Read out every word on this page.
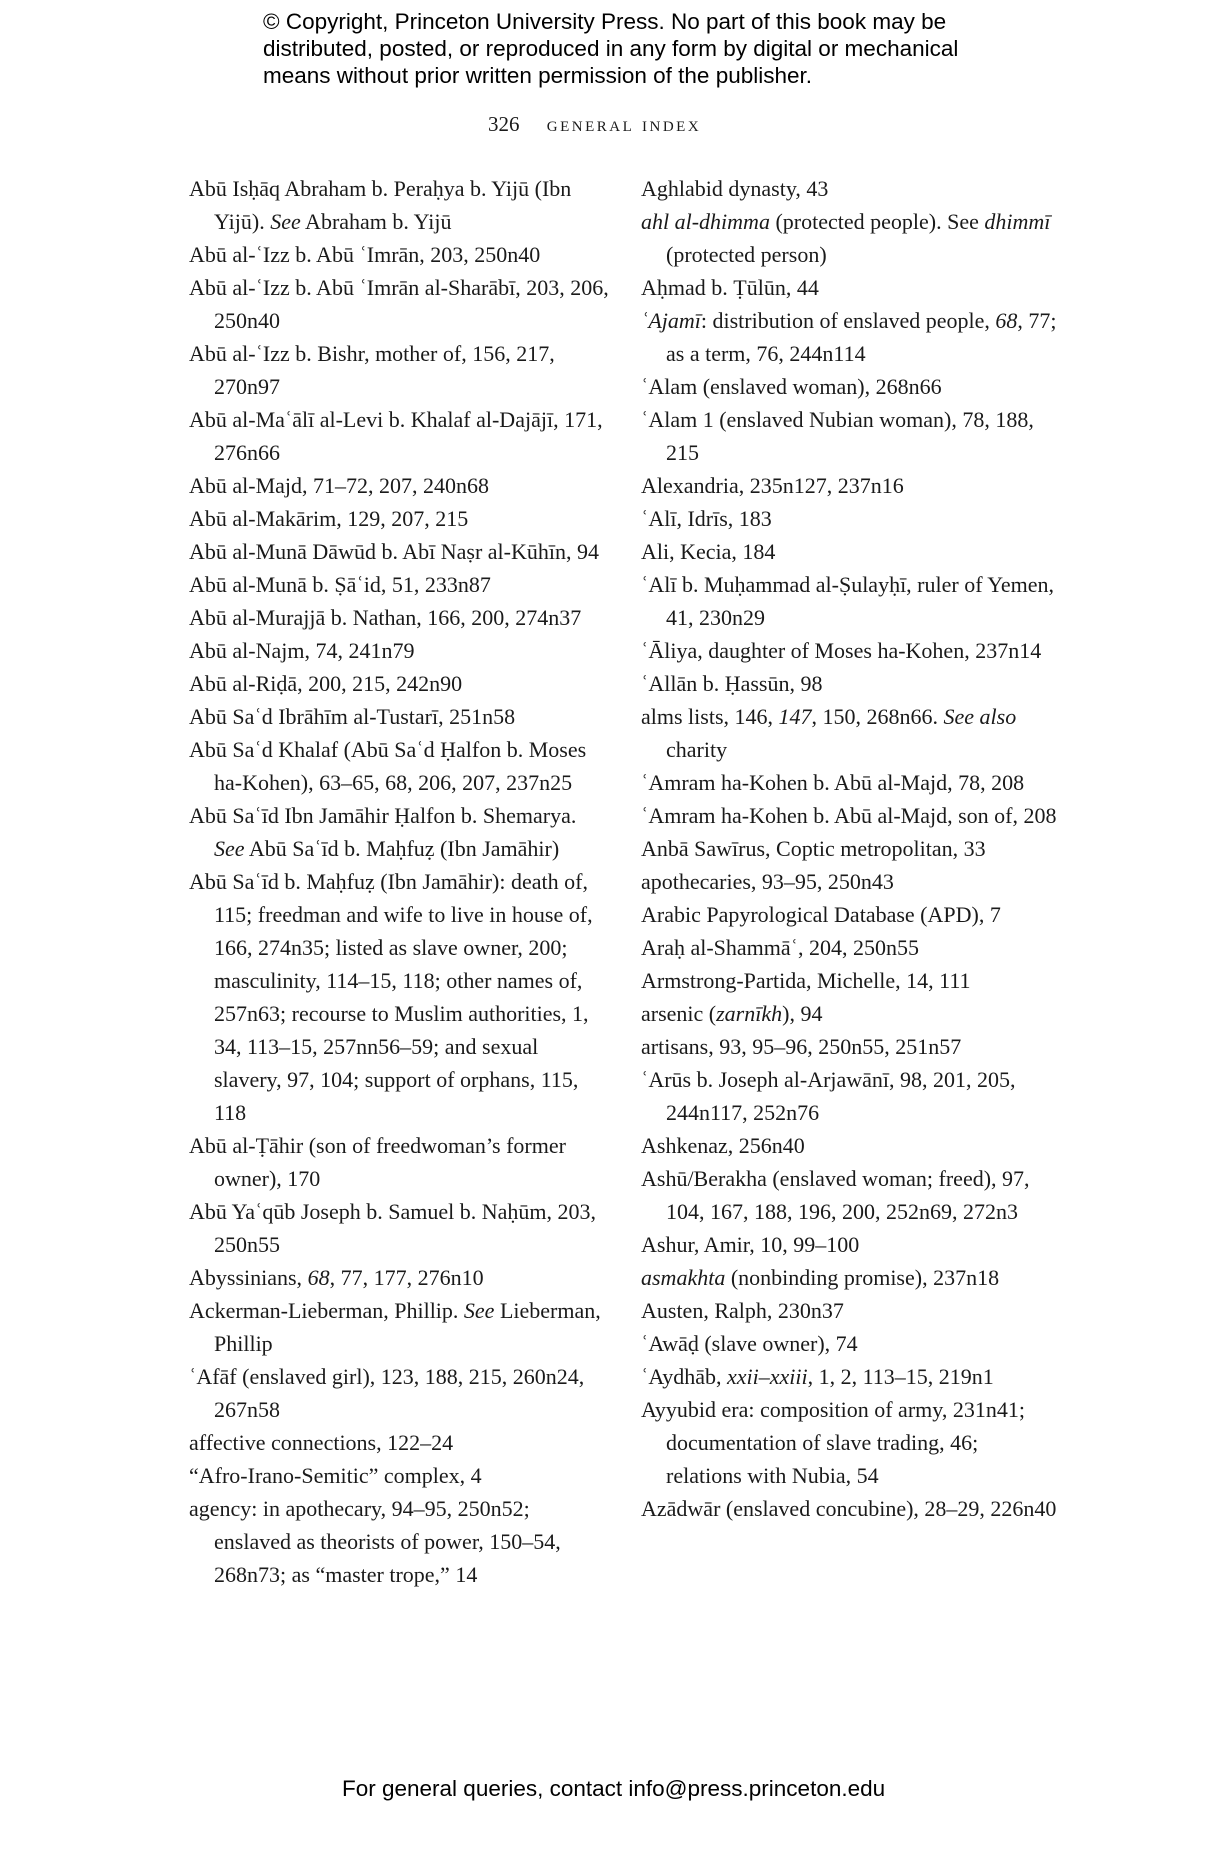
© Copyright, Princeton University Press. No part of this book may be
distributed, posted, or reproduced in any form by digital or mechanical
means without prior written permission of the publisher.
326 general index
Abū Isḥāq Abraham b. Peraḥya b. Yijū (Ibn Yijū). See Abraham b. Yijū
Abū al-ʿIzz b. Abū ʿImrān, 203, 250n40
Abū al-ʿIzz b. Abū ʿImrān al-Sharābī, 203, 206, 250n40
Abū al-ʿIzz b. Bishr, mother of, 156, 217, 270n97
Abū al-Maʿālī al-Levi b. Khalaf al-Dajājī, 171, 276n66
Abū al-Majd, 71–72, 207, 240n68
Abū al-Makārim, 129, 207, 215
Abū al-Munā Dāwūd b. Abī Naṣr al-Kūhīn, 94
Abū al-Munā b. Ṣāʿid, 51, 233n87
Abū al-Murajjā b. Nathan, 166, 200, 274n37
Abū al-Najm, 74, 241n79
Abū al-Riḍā, 200, 215, 242n90
Abū Saʿd Ibrāhīm al-Tustarī, 251n58
Abū Saʿd Khalaf (Abū Saʿd Ḥalfon b. Moses ha-Kohen), 63–65, 68, 206, 207, 237n25
Abū Saʿīd Ibn Jamāhir Ḥalfon b. Shemarya. See Abū Saʿīd b. Maḥfuẓ (Ibn Jamāhir)
Abū Saʿīd b. Maḥfuẓ (Ibn Jamāhir): death of, 115; freedman and wife to live in house of, 166, 274n35; listed as slave owner, 200; masculinity, 114–15, 118; other names of, 257n63; recourse to Muslim authorities, 1, 34, 113–15, 257nn56–59; and sexual slavery, 97, 104; support of orphans, 115, 118
Abū al-Ṭāhir (son of freedwoman’s former owner), 170
Abū Yaʿqūb Joseph b. Samuel b. Naḥūm, 203, 250n55
Abyssinians, 68, 77, 177, 276n10
Ackerman-Lieberman, Phillip. See Lieberman, Phillip
ʿAfāf (enslaved girl), 123, 188, 215, 260n24, 267n58
affective connections, 122–24
“Afro-Irano-Semitic” complex, 4
agency: in apothecary, 94–95, 250n52; enslaved as theorists of power, 150–54, 268n73; as “master trope,” 14
Aghlabid dynasty, 43
ahl al-dhimma (protected people). See dhimmī (protected person)
Aḥmad b. Ṭūlūn, 44
ʿAjamī: distribution of enslaved people, 68, 77; as a term, 76, 244n114
ʿAlam (enslaved woman), 268n66
ʿAlam 1 (enslaved Nubian woman), 78, 188, 215
Alexandria, 235n127, 237n16
ʿAlī, Idrīs, 183
Ali, Kecia, 184
ʿAlī b. Muḥammad al-Ṣulayḥī, ruler of Yemen, 41, 230n29
ʿĀliya, daughter of Moses ha-Kohen, 237n14
ʿAllān b. Ḥassūn, 98
alms lists, 146, 147, 150, 268n66. See also charity
ʿAmram ha-Kohen b. Abū al-Majd, 78, 208
ʿAmram ha-Kohen b. Abū al-Majd, son of, 208
Anbā Sawīrus, Coptic metropolitan, 33
apothecaries, 93–95, 250n43
Arabic Papyrological Database (APD), 7
Araḥ al-Shammāʿ, 204, 250n55
Armstrong-Partida, Michelle, 14, 111
arsenic (zarnīkh), 94
artisans, 93, 95–96, 250n55, 251n57
ʿArūs b. Joseph al-Arjawānī, 98, 201, 205, 244n117, 252n76
Ashkenaz, 256n40
Ashū/Berakha (enslaved woman; freed), 97, 104, 167, 188, 196, 200, 252n69, 272n3
Ashur, Amir, 10, 99–100
asmakhta (nonbinding promise), 237n18
Austen, Ralph, 230n37
ʿAwāḍ (slave owner), 74
ʿAydhāb, xxii–xxiii, 1, 2, 113–15, 219n1
Ayyubid era: composition of army, 231n41; documentation of slave trading, 46; relations with Nubia, 54
Azādwār (enslaved concubine), 28–29, 226n40
For general queries, contact info@press.princeton.edu
